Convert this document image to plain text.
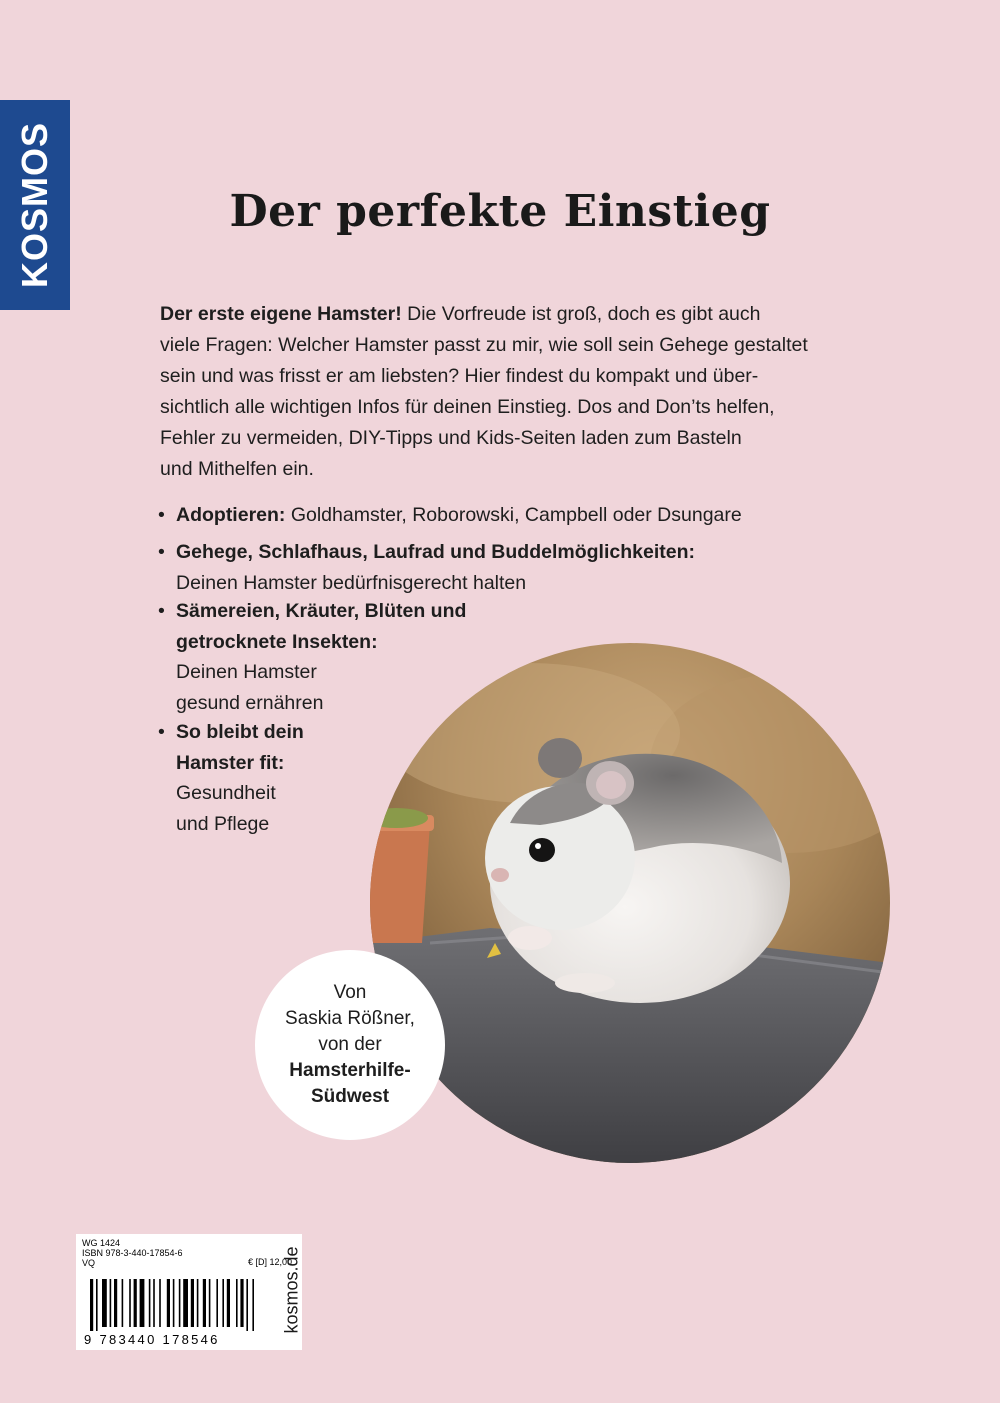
KOSMOS	Der perfekte Einstieg

Der erste eigene Hamster! Die Vorfreude ist groß, doch es gibt auch
viele Fragen: Welcher Hamster passt zu mir, wie soll sein Gehege gestaltet
sein und was frisst er am liebsten? Hier findest du kompakt und über-
sichtlich alle wichtigen Infos für deinen Einstieg. Dos and Don’ts helfen,
Fehler zu vermeiden, DIY-Tipps und Kids-Seiten laden zum Basteln
und Mithelfen ein.

• Adoptieren: Goldhamster, Roborowski, Campbell oder Dsungare
• Gehege, Schlafhaus, Laufrad und Buddelmöglichkeiten:
Deinen Hamster bedürfnisgerecht halten
• Sämereien, Kräuter, Blüten und
getrocknete Insekten:
Deinen Hamster
gesund ernähren
• So bleibt dein
Hamster fit:
Gesundheit
und Pflege
Von
Saskia Rößner,
von der
Hamsterhilfe-
Südwest
WG 1424
ISBN 978-3-440-17854-6
€ [D] 12,00
VQ
9 783440 178546
kosmos.de
